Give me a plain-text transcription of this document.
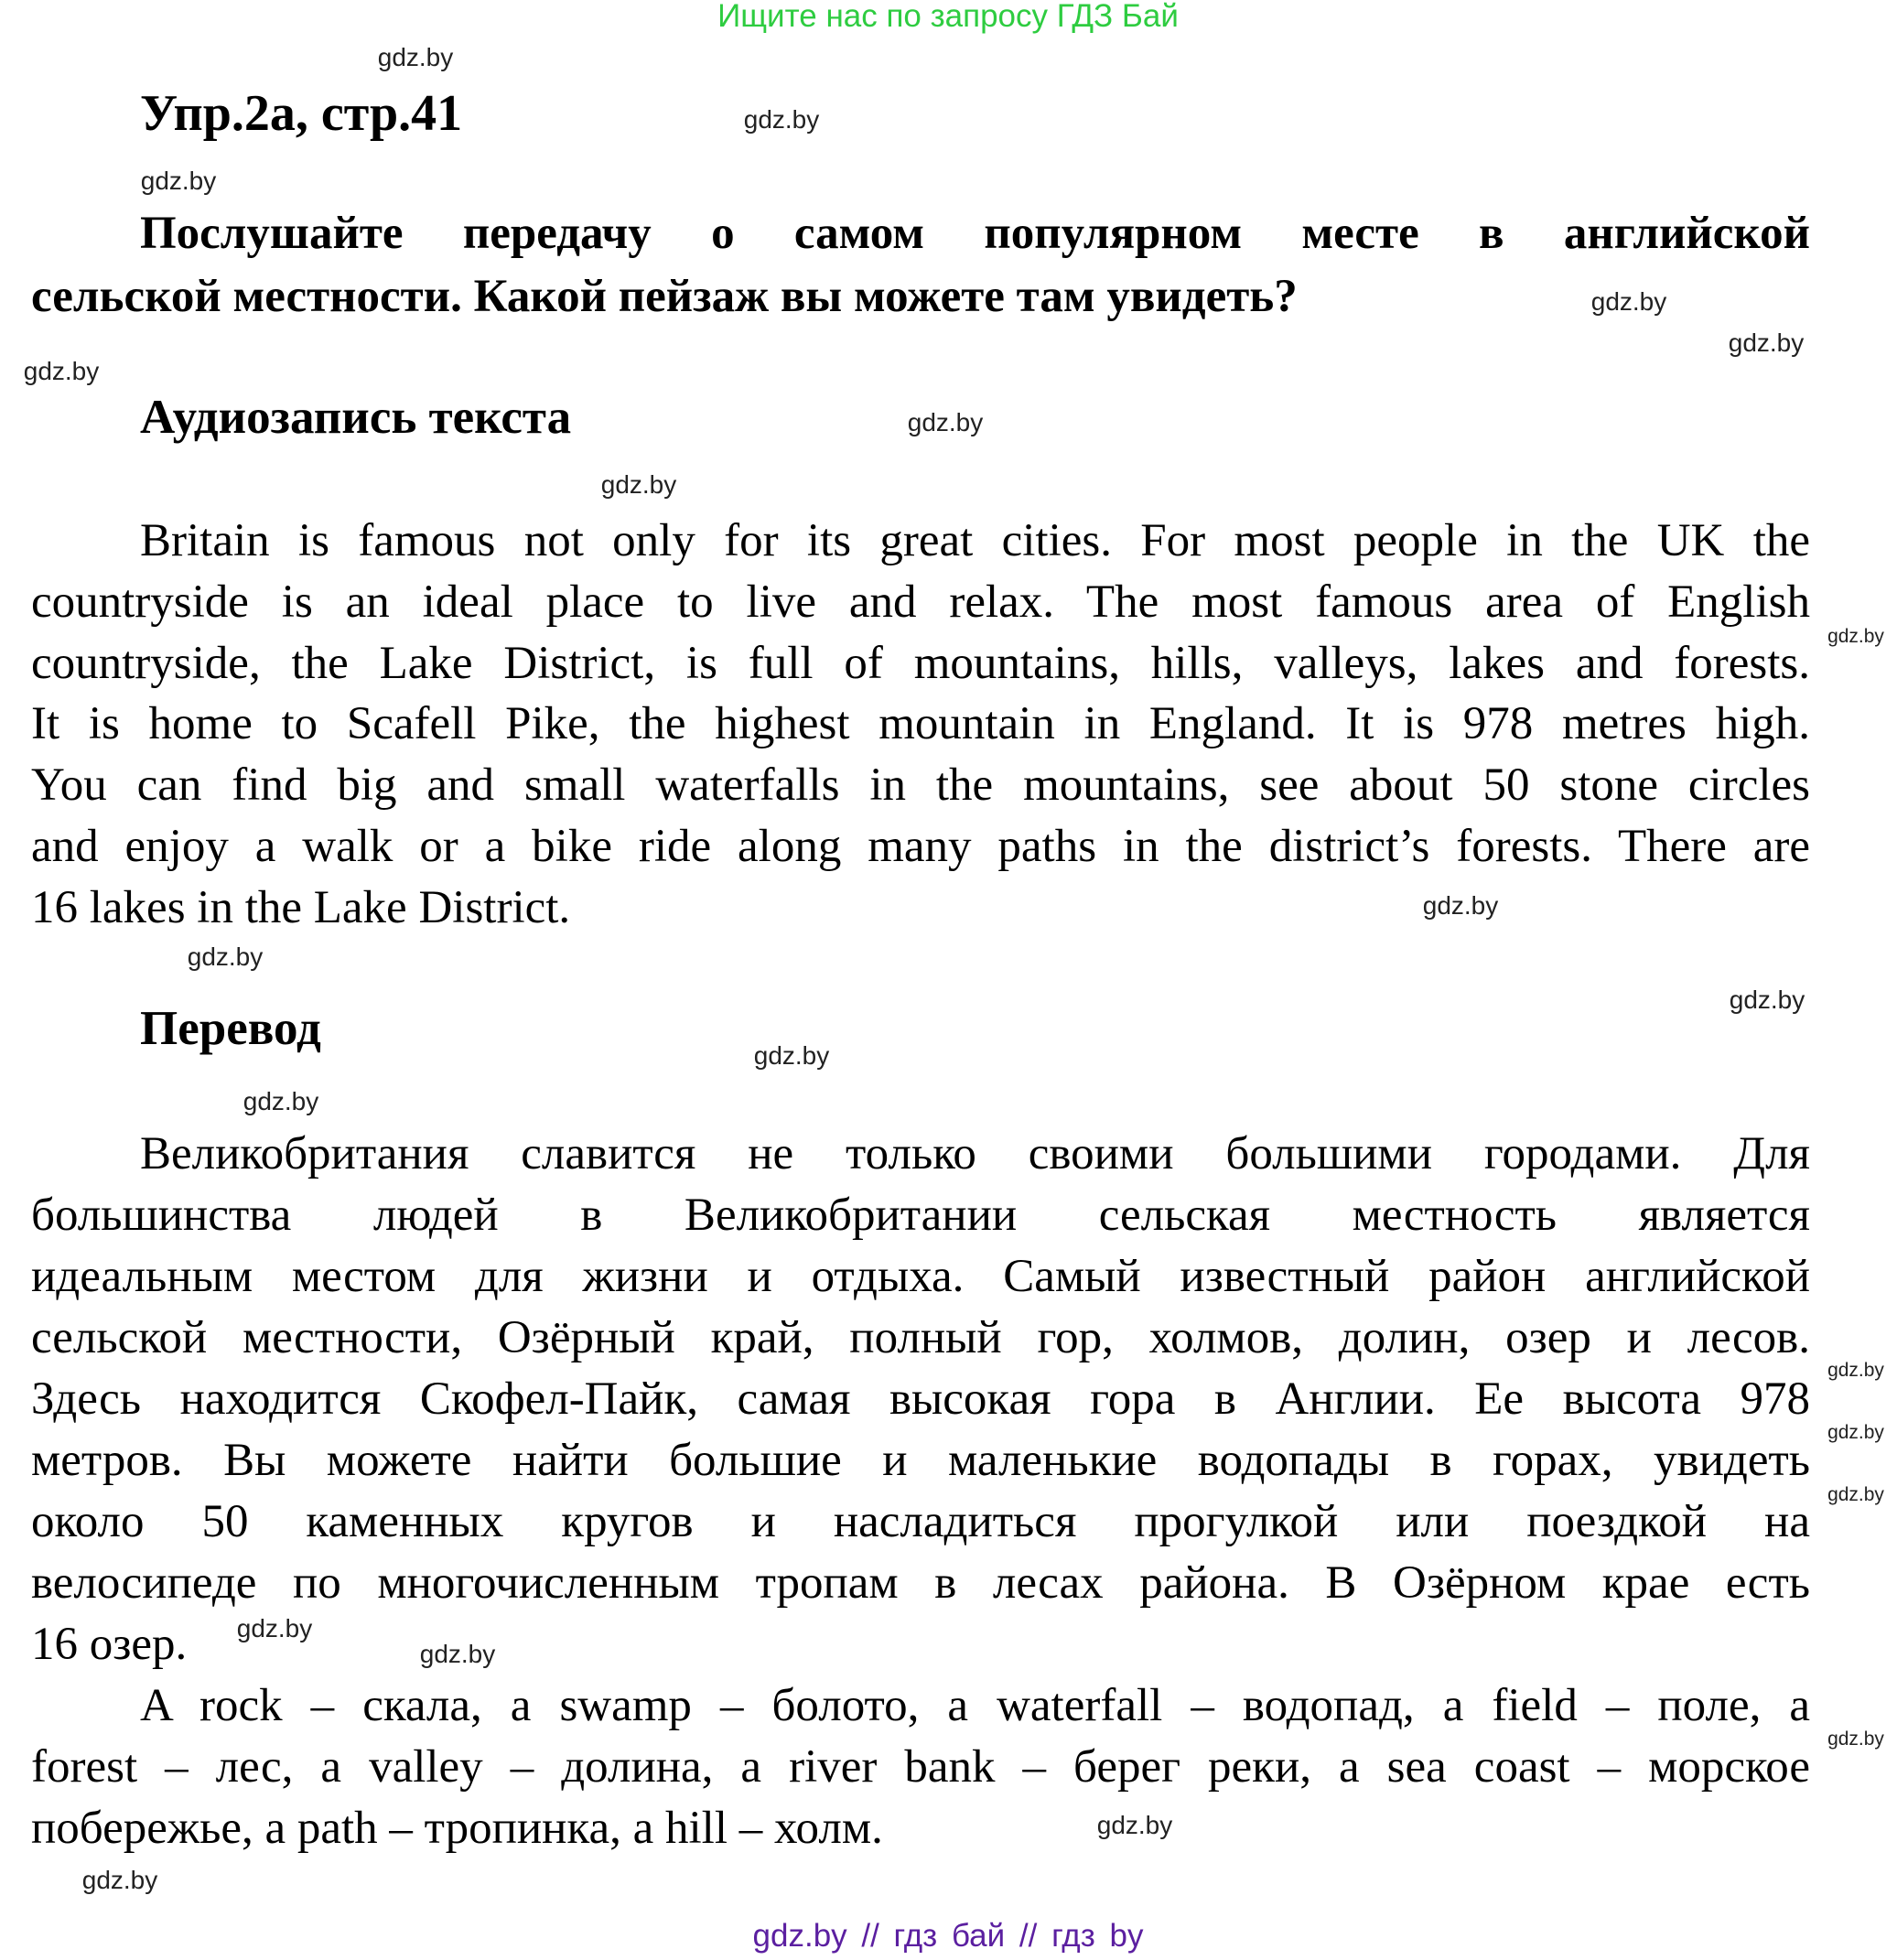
Ищите нас по запросу ГДЗ Бай
Упр.2а, стр.41
Послушайте передачу о самом популярном месте в английской
сельской местности. Какой пейзаж вы можете там увидеть?
Аудиозапись текста
Britain is famous not only for its great cities. For most people in the UK the
countryside is an ideal place to live and relax. The most famous area of English
countryside, the Lake District, is full of mountains, hills, valleys, lakes and forests.
It is home to Scafell Pike, the highest mountain in England. It is 978 metres high.
You can find big and small waterfalls in the mountains, see about 50 stone circles
and enjoy a walk or a bike ride along many paths in the district’s forests. There are
16 lakes in the Lake District.
Перевод
Великобритания славится не только своими большими городами. Для
большинства людей в Великобритании сельская местность является
идеальным местом для жизни и отдыха. Самый известный район английской
сельской местности, Озёрный край, полный гор, холмов, долин, озер и лесов.
Здесь находится Скофел-Пайк, самая высокая гора в Англии. Ее высота 978
метров. Вы можете найти большие и маленькие водопады в горах, увидеть
около 50 каменных кругов и насладиться прогулкой или поездкой на
велосипеде по многочисленным тропам в лесах района. В Озёрном крае есть
16 озер.
A rock – скала, a swamp – болото, a waterfall – водопад, a field – поле, a
forest – лес, a valley – долина, a river bank – берег реки, a sea coast – морское
побережье, a path – тропинка, a hill – холм.
gdz.by
gdz.by
gdz.by
gdz.by
gdz.by
gdz.by
gdz.by
gdz.by
gdz.by
gdz.by
gdz.by
gdz.by
gdz.by
gdz.by
gdz.by
gdz.by
gdz.by
gdz.by
gdz.by
gdz.by
gdz.by
gdz.by
gdz.by // гдз бай // гдз by
